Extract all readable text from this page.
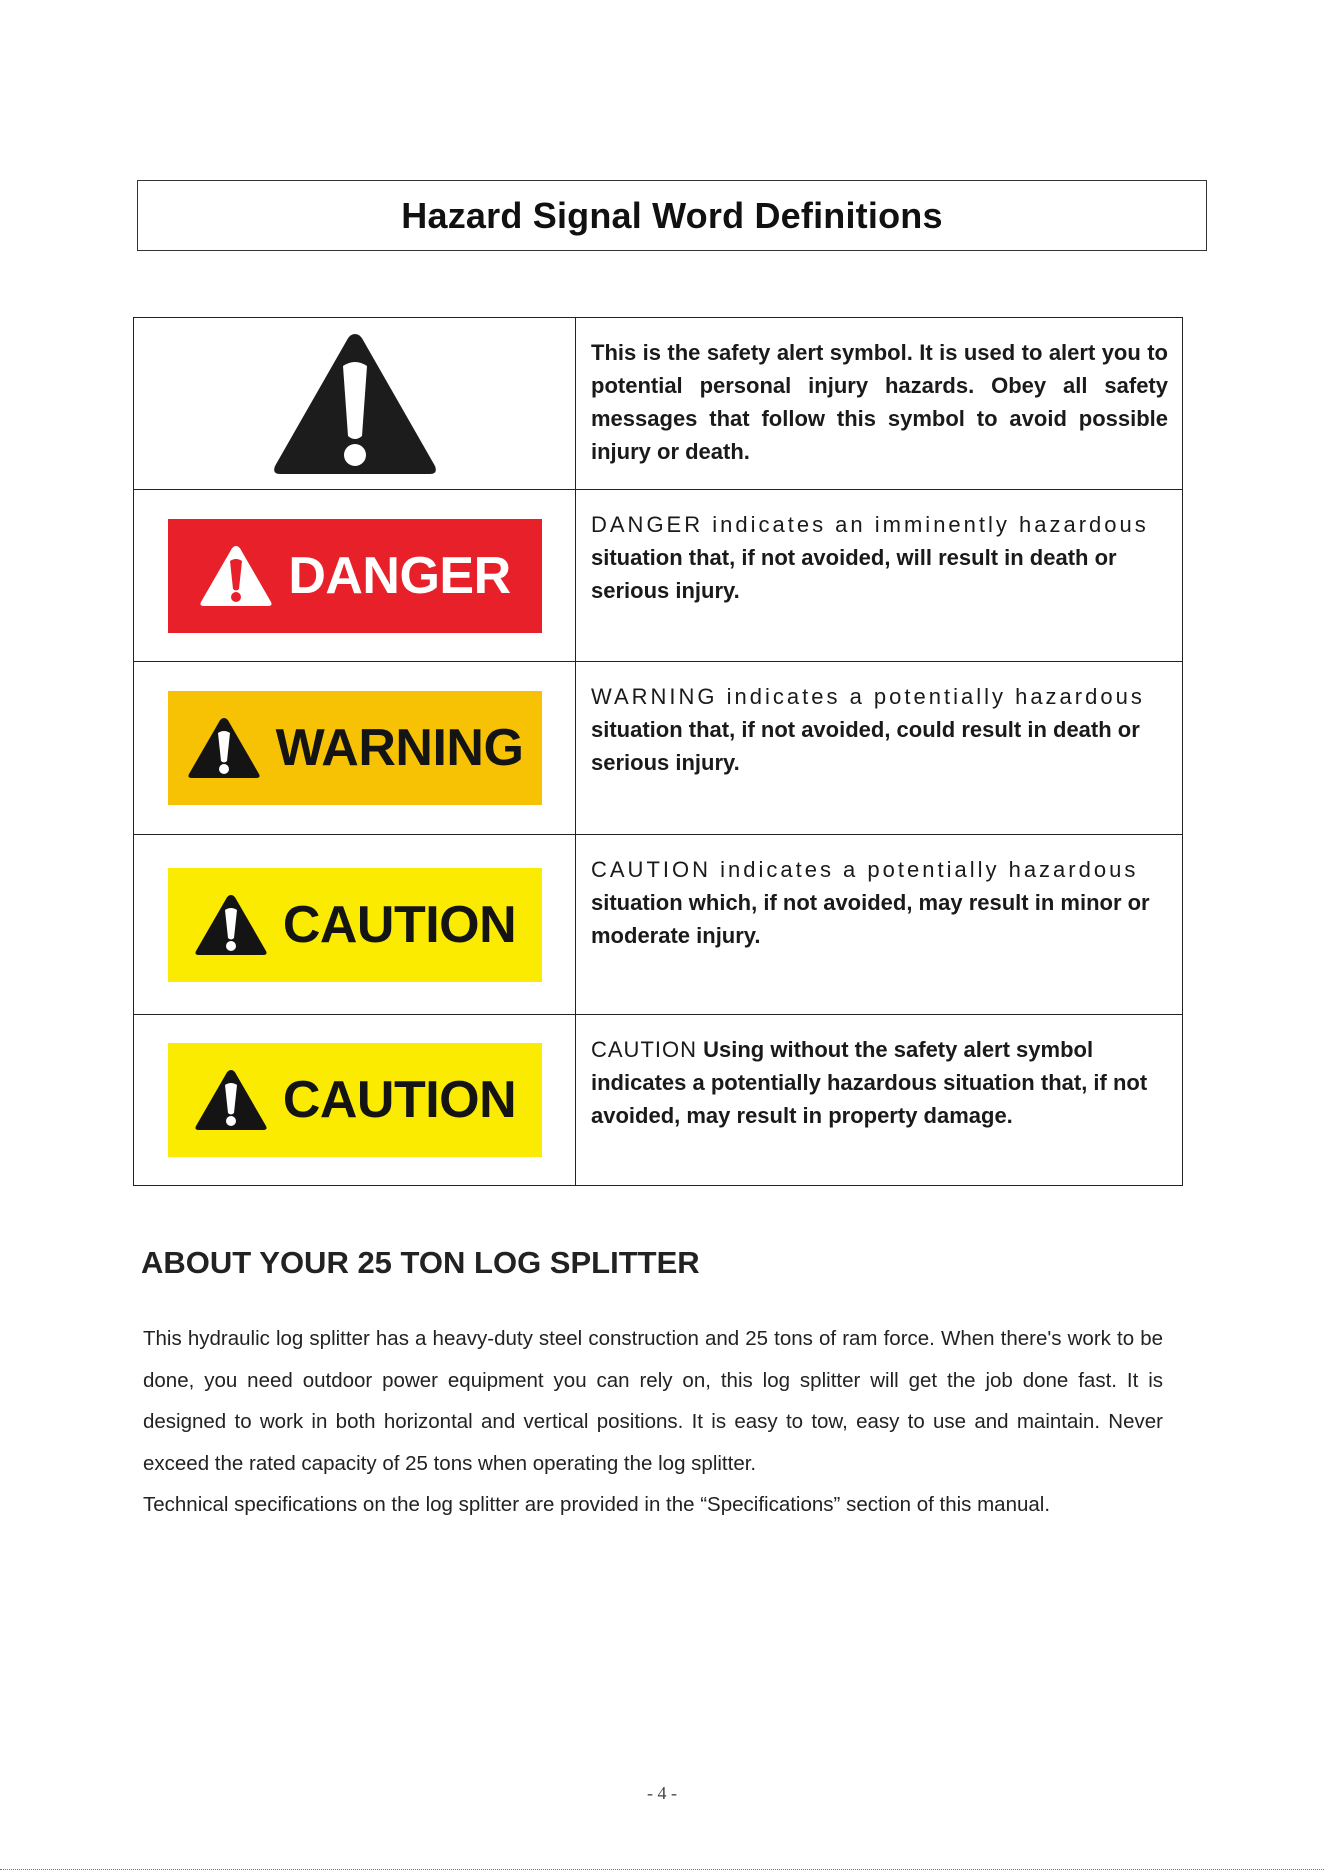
Hazard Signal Word Definitions
This is the safety alert symbol. It is used to alert you to potential personal injury hazards. Obey all safety messages that follow this symbol to avoid possible injury or death.
DANGER
DANGER indicates an imminently hazardous
situation that, if not avoided, will result in death or serious injury.
WARNING
WARNING indicates a potentially hazardous
situation that, if not avoided, could result in death or serious injury.
CAUTION
CAUTION indicates a potentially hazardous
situation which, if not avoided, may result in minor or moderate injury.
CAUTION
CAUTION Using without the safety alert symbol indicates a potentially hazardous situation that, if not avoided, may result in property damage.
ABOUT YOUR 25 TON LOG SPLITTER

This hydraulic log splitter has a heavy-duty steel construction and 25 tons of ram force. When there's work to be done, you need outdoor power equipment you can rely on, this log splitter will get the job done fast. It is designed to work in both horizontal and vertical positions. It is easy to tow, easy to use and maintain. Never exceed the rated capacity of 25 tons when operating the log splitter.

Technical specifications on the log splitter are provided in the “Specifications” section of this manual.

- 4 -
